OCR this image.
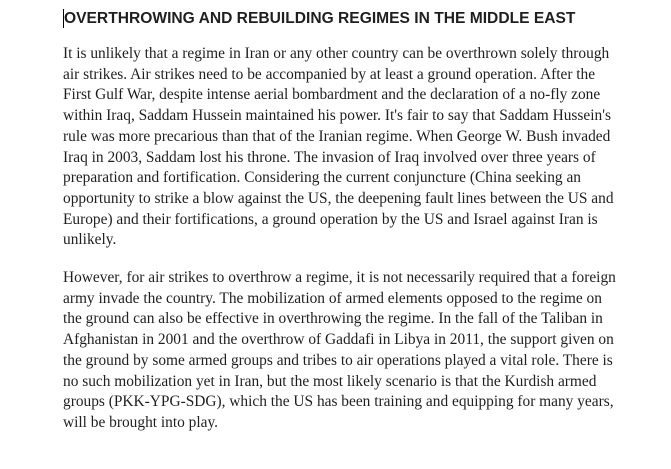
OVERTHROWING AND REBUILDING REGIMES IN THE MIDDLE EAST

It is unlikely that a regime in Iran or any other country can be overthrown solely through air strikes. Air strikes need to be accompanied by at least a ground operation. After the First Gulf War, despite intense aerial bombardment and the declaration of a no-fly zone within Iraq, Saddam Hussein maintained his power. It's fair to say that Saddam Hussein's rule was more precarious than that of the Iranian regime. When George W. Bush invaded Iraq in 2003, Saddam lost his throne. The invasion of Iraq involved over three years of preparation and fortification. Considering the current conjuncture (China seeking an opportunity to strike a blow against the US, the deepening fault lines between the US and Europe) and their fortifications, a ground operation by the US and Israel against Iran is unlikely.

However, for air strikes to overthrow a regime, it is not necessarily required that a foreign army invade the country. The mobilization of armed elements opposed to the regime on the ground can also be effective in overthrowing the regime. In the fall of the Taliban in Afghanistan in 2001 and the overthrow of Gaddafi in Libya in 2011, the support given on the ground by some armed groups and tribes to air operations played a vital role. There is no such mobilization yet in Iran, but the most likely scenario is that the Kurdish armed groups (PKK-YPG-SDG), which the US has been training and equipping for many years, will be brought into play.
